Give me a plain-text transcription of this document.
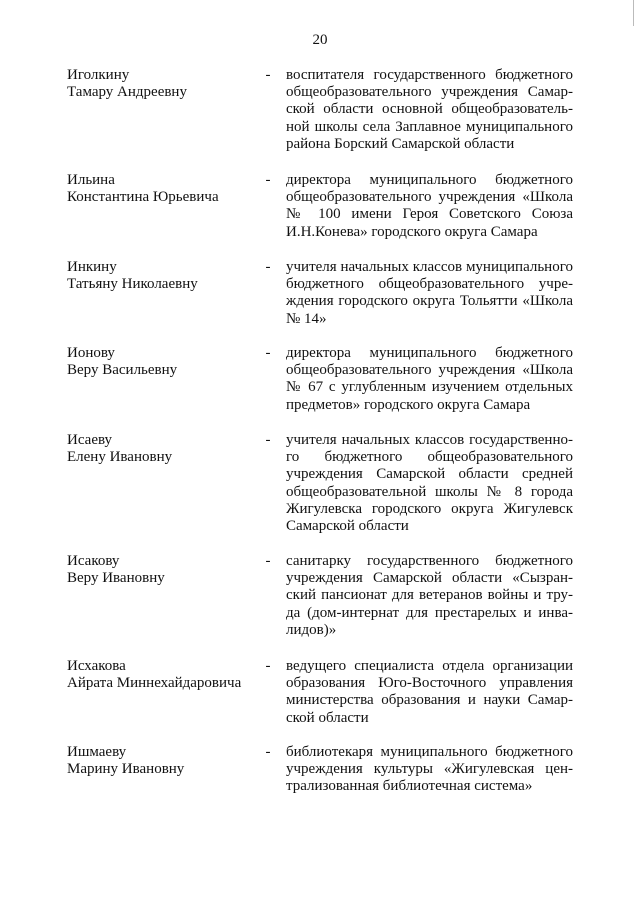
20
Иголкину
Тамару Андреевну
- воспитателя государственного бюджетного
общеобразовательного учреждения Самар-
ской области основной общеобразователь-
ной школы села Заплавное муниципального
района Борский Самарской области
Ильина
Константина Юрьевича
- директора муниципального бюджетного
общеобразовательного учреждения «Школа
№ 100 имени Героя Советского Союза
И.Н.Конева» городского округа Самара
Инкину
Татьяну Николаевну
- учителя начальных классов муниципального
бюджетного общеобразовательного учре-
ждения городского округа Тольятти «Школа
№ 14»
Ионову
Веру Васильевну
- директора муниципального бюджетного
общеобразовательного учреждения «Школа
№ 67 с углубленным изучением отдельных
предметов» городского округа Самара
Исаеву
Елену Ивановну
- учителя начальных классов государственно-
го бюджетного общеобразовательного
учреждения Самарской области средней
общеобразовательной школы № 8 города
Жигулевска городского округа Жигулевск
Самарской области
Исакову
Веру Ивановну
- санитарку государственного бюджетного
учреждения Самарской области «Сызран-
ский пансионат для ветеранов войны и тру-
да (дом-интернат для престарелых и инва-
лидов)»
Исхакова
Айрата Миннехайдаровича
- ведущего специалиста отдела организации
образования Юго-Восточного управления
министерства образования и науки Самар-
ской области
Ишмаеву
Марину Ивановну
- библиотекаря муниципального бюджетного
учреждения культуры «Жигулевская цен-
трализованная библиотечная система»
